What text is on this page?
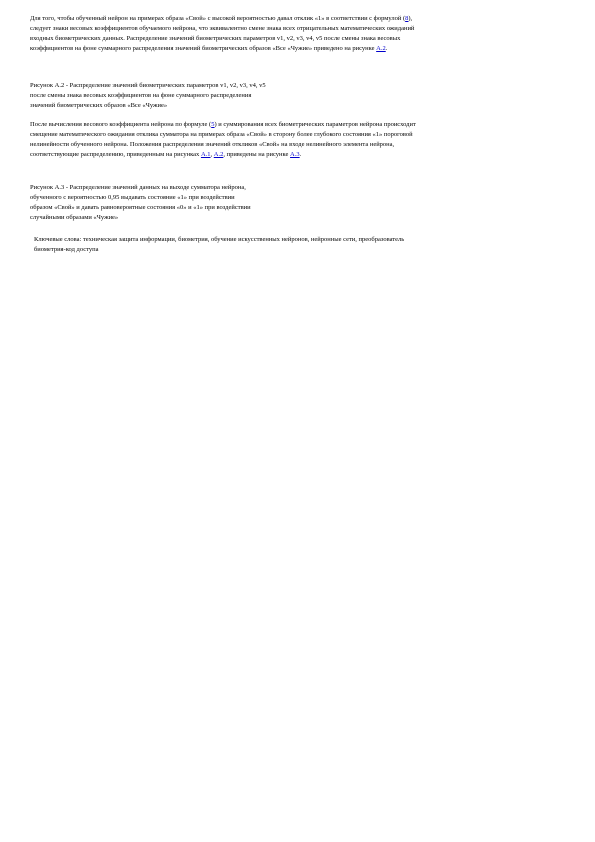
Для того, чтобы обученный нейрон на примерах образа «Свой» с высокой вероятностью давал отклик «1» в соответствии с формулой (8),
следует знаки весовых коэффициентов обучаемого нейрона, что эквивалентно смене знака всех отрицательных математических ожиданий
входных биометрических данных. Распределение значений биометрических параметров v1, v2, v3, v4, v5 после смены знака весовых
коэффициентов на фоне суммарного распределения значений биометрических образов «Все «Чужие» приведено на рисунке А.2.

Рисунок А.2 - Распределение значений биометрических параметров v1, v2, v3, v4, v5
после смены знака весовых коэффициентов на фоне суммарного распределения
значений биометрических образов «Все «Чужие»

После вычисления весового коэффициента нейрона по формуле (5) и суммирования всех биометрических параметров нейрона происходит
смещение математического ожидания отклика сумматора на примерах образа «Свой» в сторону более глубокого состояния «1» пороговой
нелинейности обученного нейрона. Положения распределения значений откликов «Свой» на входе нелинейного элемента нейрона,
соответствующие распределению, приведенным на рисунках А.1, А.2, приведены на рисунке А.3.

Рисунок А.3 - Распределение значений данных на выходе сумматора нейрона,
обученного с вероятностью 0,95 выдавать состояние «1» при воздействии
образом «Свой» и давать равновероятные состояния «0» и «1» при воздействии
случайными образами «Чужие»

Ключевые слова: техническая защита информации, биометрия, обучение искусственных нейронов, нейронные сети, преобразователь
биометрия-код доступа
